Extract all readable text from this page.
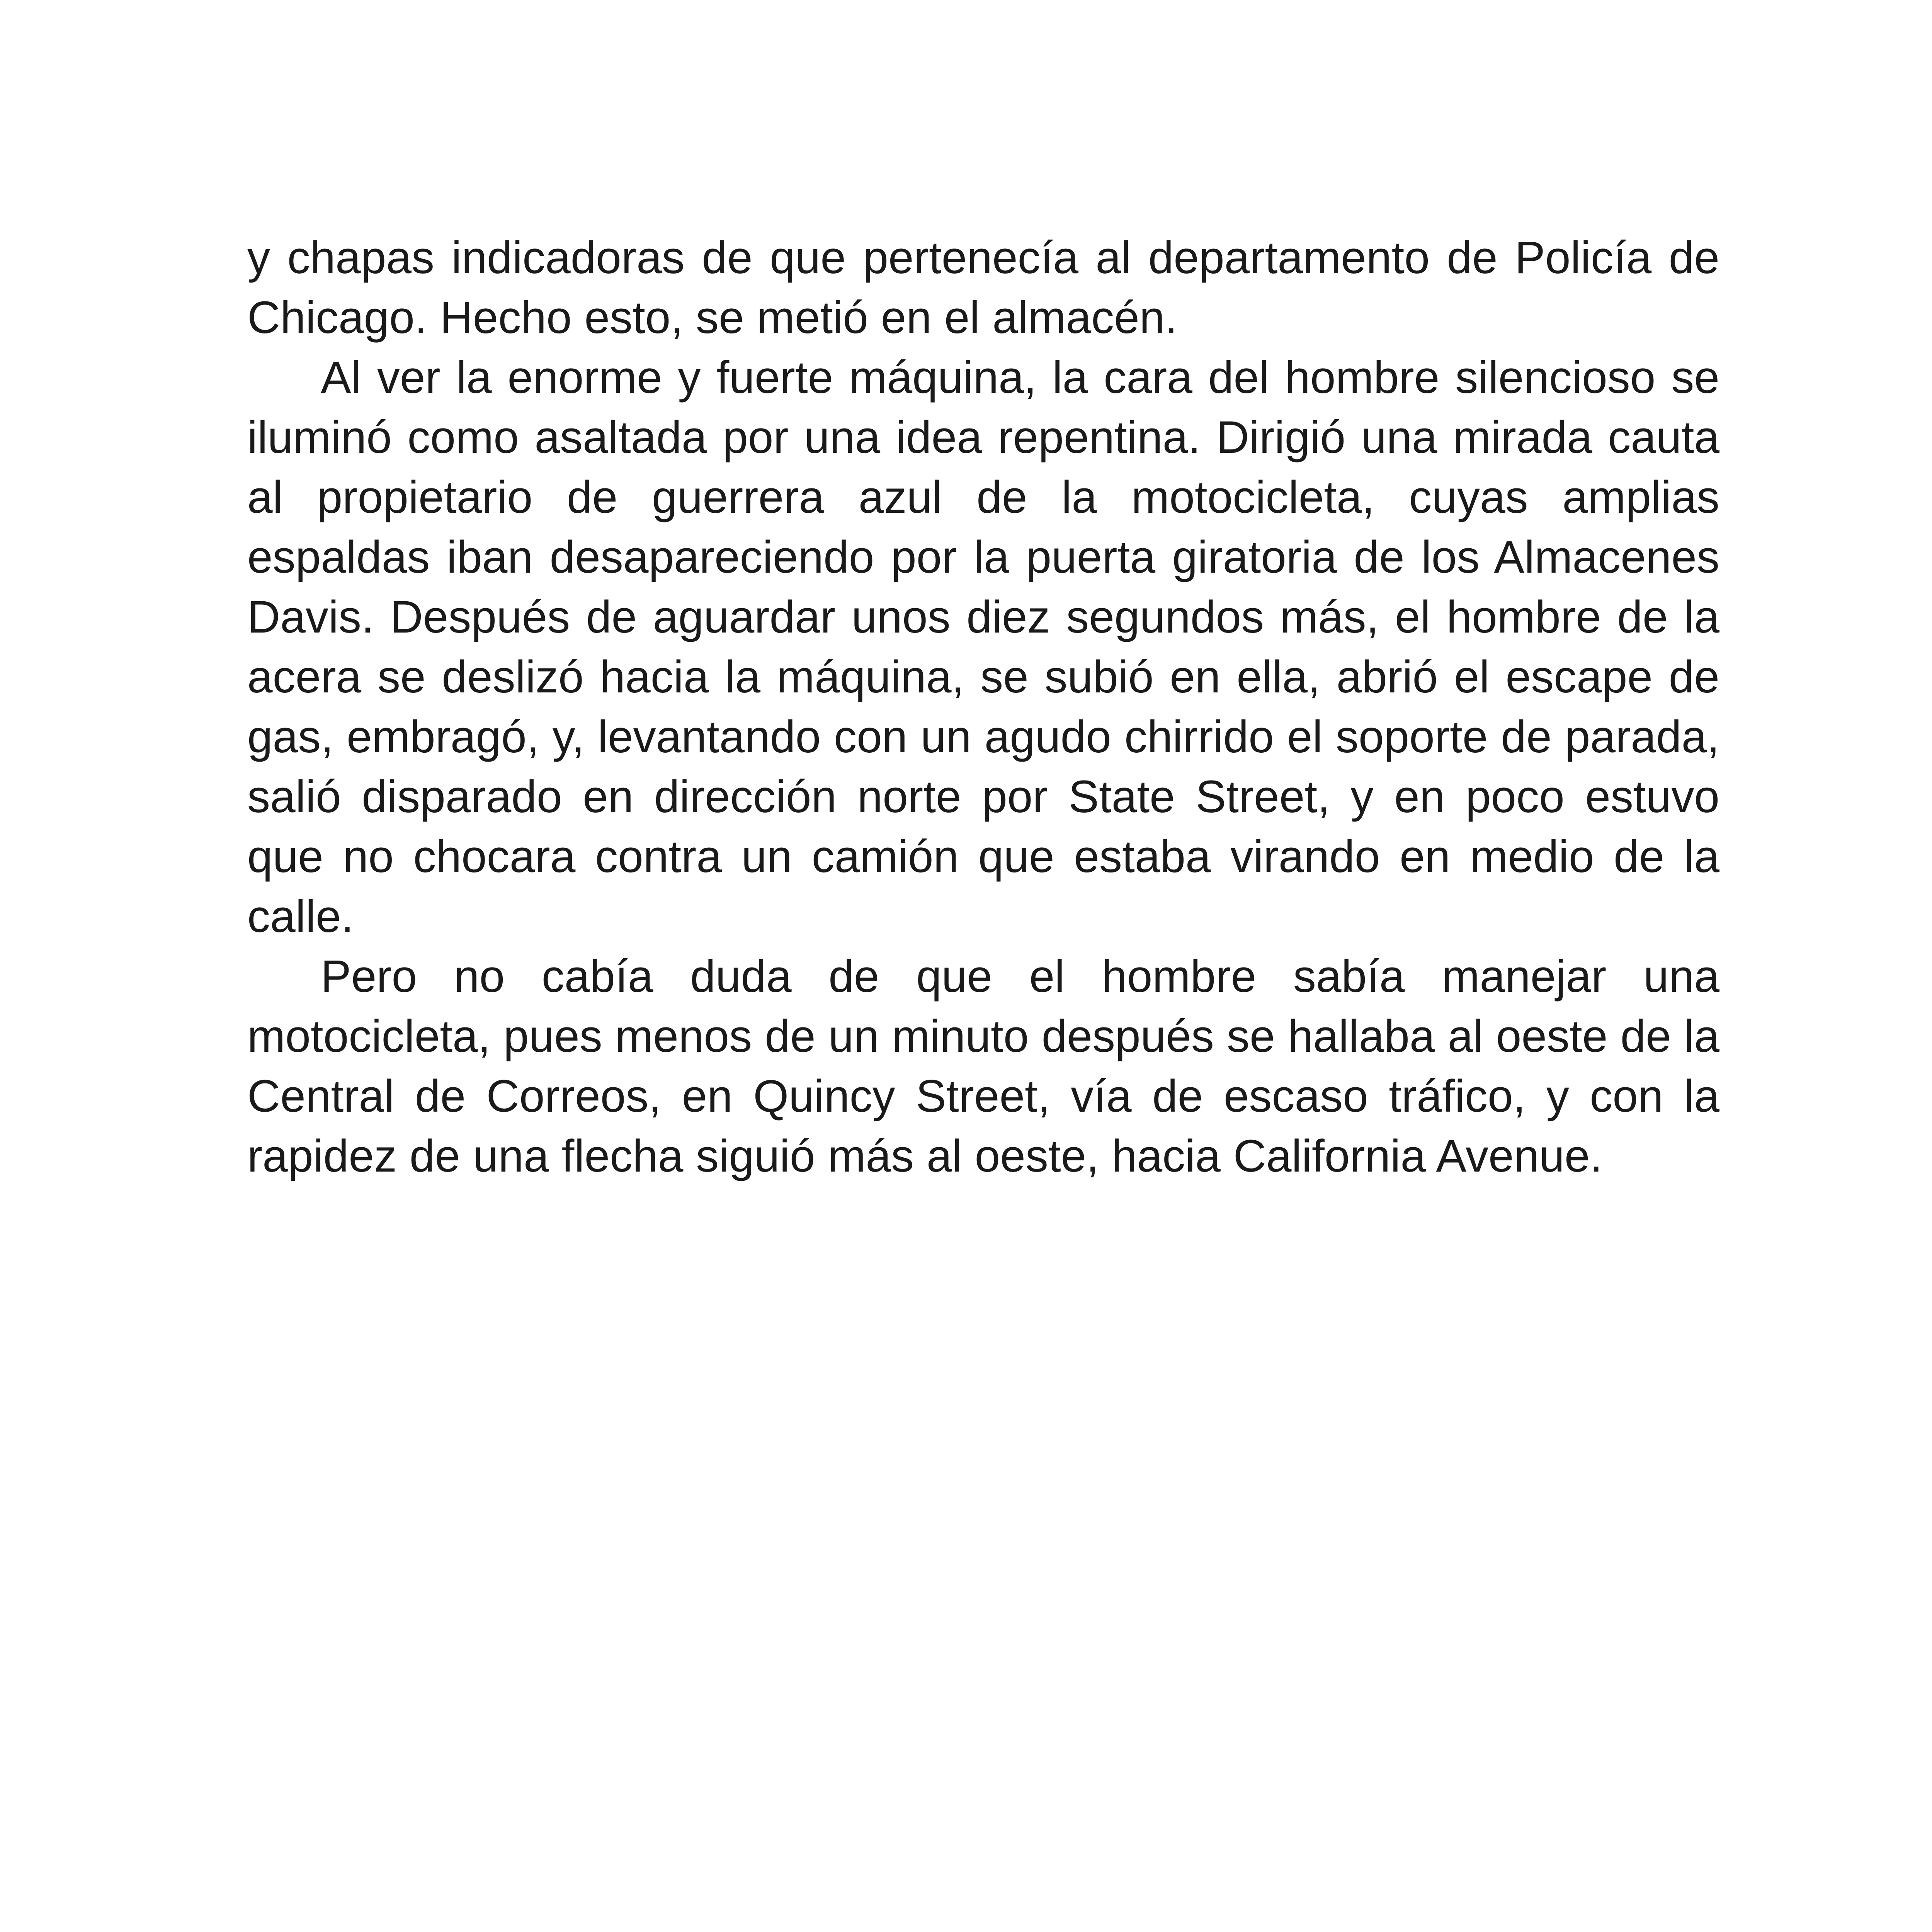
y chapas indicadoras de que pertenecía al departamento de Policía de Chicago. Hecho esto, se metió en el almacén.

Al ver la enorme y fuerte máquina, la cara del hombre silencioso se iluminó como asaltada por una idea repentina. Dirigió una mirada cauta al propietario de guerrera azul de la motocicleta, cuyas amplias espaldas iban desapareciendo por la puerta giratoria de los Almacenes Davis. Después de aguardar unos diez segundos más, el hombre de la acera se deslizó hacia la máquina, se subió en ella, abrió el escape de gas, embragó, y, levantando con un agudo chirrido el soporte de parada, salió disparado en dirección norte por State Street, y en poco estuvo que no chocara contra un camión que estaba virando en medio de la calle.

Pero no cabía duda de que el hombre sabía manejar una motocicleta, pues menos de un minuto después se hallaba al oeste de la Central de Correos, en Quincy Street, vía de escaso tráfico, y con la rapidez de una flecha siguió más al oeste, hacia California Avenue.
